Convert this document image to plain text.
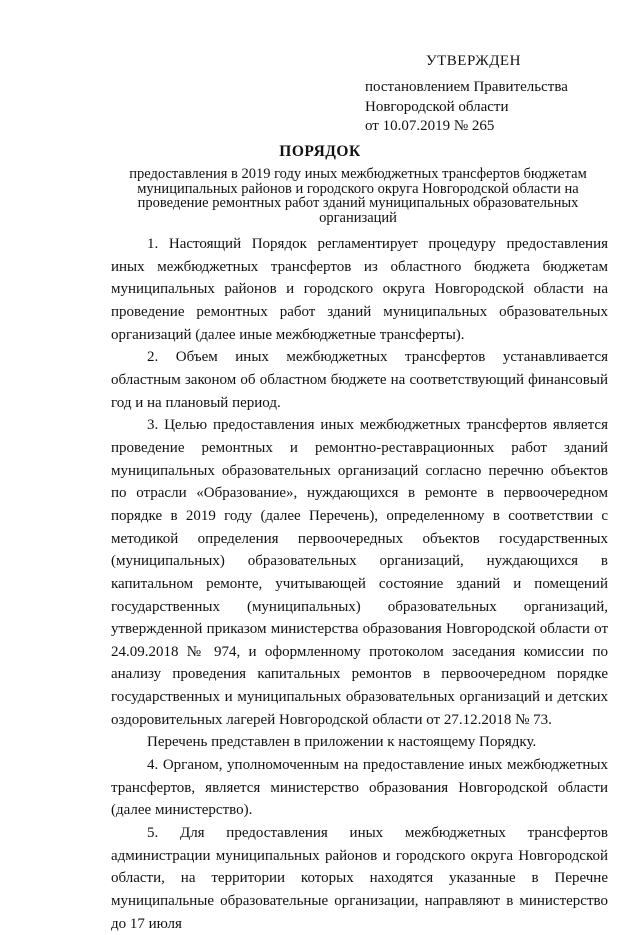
УТВЕРЖДЕН
постановлением Правительства
Новгородской области
от 10.07.2019 № 265
ПОРЯДОК
предоставления в 2019 году иных межбюджетных трансфертов бюджетам муниципальных районов и городского округа Новгородской области на проведение ремонтных работ зданий муниципальных образовательных организаций

1. Настоящий Порядок регламентирует процедуру предоставления иных межбюджетных трансфертов из областного бюджета бюджетам муниципальных районов и городского округа Новгородской области на проведение ремонтных работ зданий муниципальных образовательных организаций (далее иные межбюджетные трансферты).

2. Объем иных межбюджетных трансфертов устанавливается областным законом об областном бюджете на соответствующий финансовый год и на плановый период.

3. Целью предоставления иных межбюджетных трансфертов является проведение ремонтных и ремонтно-реставрационных работ зданий муниципальных образовательных организаций согласно перечню объектов по отрасли «Образование», нуждающихся в ремонте в первоочередном порядке в 2019 году (далее Перечень), определенному в соответствии с методикой определения первоочередных объектов государственных (муниципальных) образовательных организаций, нуждающихся в капитальном ремонте, учитывающей состояние зданий и помещений государственных (муниципальных) образовательных организаций, утвержденной приказом министерства образования Новгородской области от 24.09.2018 № 974, и оформленному протоколом заседания комиссии по анализу проведения капитальных ремонтов в первоочередном порядке государственных и муниципальных образовательных организаций и детских оздоровительных лагерей Новгородской области от 27.12.2018 № 73.

Перечень представлен в приложении к настоящему Порядку.

4. Органом, уполномоченным на предоставление иных межбюджетных трансфертов, является министерство образования Новгородской области (далее министерство).

5. Для предоставления иных межбюджетных трансфертов администрации муниципальных районов и городского округа Новгородской области, на территории которых находятся указанные в Перечне муниципальные образовательные организации, направляют в министерство до 17 июля
